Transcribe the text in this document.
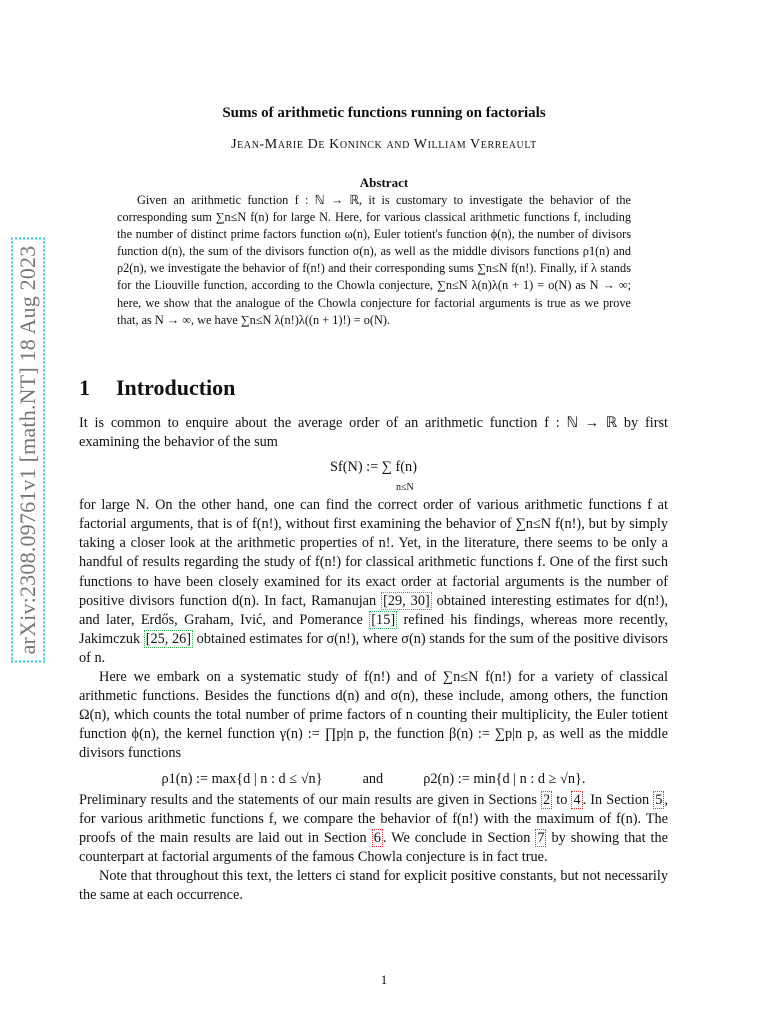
arXiv:2308.09761v1 [math.NT] 18 Aug 2023
Sums of arithmetic functions running on factorials
Jean-Marie De Koninck and William Verreault
Abstract

Given an arithmetic function f : ℕ → ℝ, it is customary to investigate the behavior of the corresponding sum ∑n≤N f(n) for large N. Here, for various classical arithmetic functions f, including the number of distinct prime factors function ω(n), Euler totient's function ϕ(n), the number of divisors function d(n), the sum of the divisors function σ(n), as well as the middle divisors functions ρ1(n) and ρ2(n), we investigate the behavior of f(n!) and their corresponding sums ∑n≤N f(n!). Finally, if λ stands for the Liouville function, according to the Chowla conjecture, ∑n≤N λ(n)λ(n + 1) = o(N) as N → ∞; here, we show that the analogue of the Chowla conjecture for factorial arguments is true as we prove that, as N → ∞, we have ∑n≤N λ(n!)λ((n + 1)!) = o(N).

1 Introduction

It is common to enquire about the average order of an arithmetic function f : ℕ → ℝ by first examining the behavior of the sum

Sf(N) := ∑ f(n)
n≤N

for large N. On the other hand, one can find the correct order of various arithmetic functions f at factorial arguments, that is of f(n!), without first examining the behavior of ∑n≤N f(n!), but by simply taking a closer look at the arithmetic properties of n!. Yet, in the literature, there seems to be only a handful of results regarding the study of f(n!) for classical arithmetic functions f. One of the first such functions to have been closely examined for its exact order at factorial arguments is the number of positive divisors function d(n). In fact, Ramanujan [29, 30] obtained interesting estimates for d(n!), and later, Erdős, Graham, Ivić, and Pomerance [15] refined his findings, whereas more recently, Jakimczuk [25, 26] obtained estimates for σ(n!), where σ(n) stands for the sum of the positive divisors of n.

Here we embark on a systematic study of f(n!) and of ∑n≤N f(n!) for a variety of classical arithmetic functions. Besides the functions d(n) and σ(n), these include, among others, the function Ω(n), which counts the total number of prime factors of n counting their multiplicity, the Euler totient function ϕ(n), the kernel function γ(n) := ∏p|n p, the function β(n) := ∑p|n p, as well as the middle divisors functions

ρ1(n) := max{d | n : d ≤ √n}	and	ρ2(n) := min{d | n : d ≥ √n}.

Preliminary results and the statements of our main results are given in Sections 2 to 4 . In Section 5 , for various arithmetic functions f, we compare the behavior of f(n!) with the maximum of f(n). The proofs of the main results are laid out in Section 6 . We conclude in Section 7 by showing that the counterpart at factorial arguments of the famous Chowla conjecture is in fact true.

Note that throughout this text, the letters ci stand for explicit positive constants, but not necessarily the same at each occurrence.

1
